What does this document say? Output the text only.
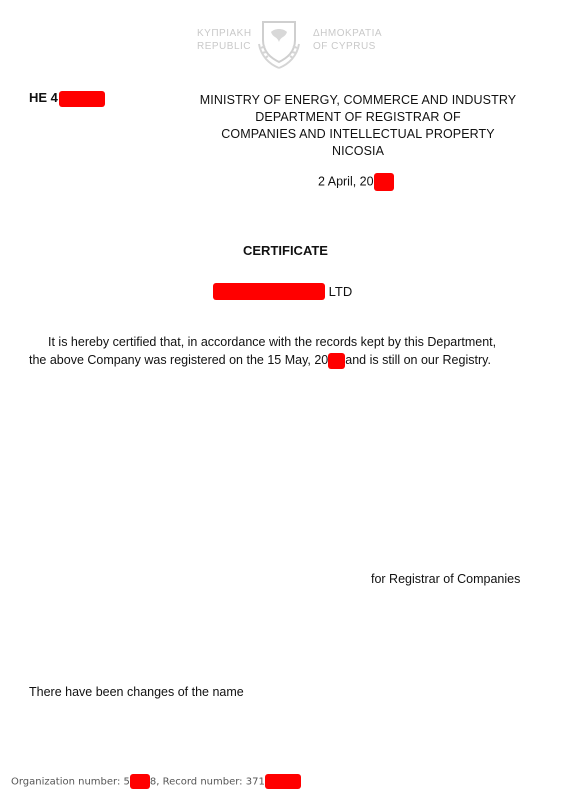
ΚΥΠΡΙΑΚΗ
REPUBLIC
ΔΗΜΟΚΡΑΤΙΑ
OF CYPRUS
HE 4	MINISTRY OF ENERGY, COMMERCE AND INDUSTRY
DEPARTMENT OF REGISTRAR OF
COMPANIES AND INTELLECTUAL PROPERTY
NICOSIA
2 April, 20
CERTIFICATE
LTD
It is hereby certified that, in accordance with the records kept by this Department,
the above Company was registered on the 15 May, 20 and is still on our Registry.
for Registrar of Companies
There have been changes of the name
Organization number: 5 8, Record number: 371
